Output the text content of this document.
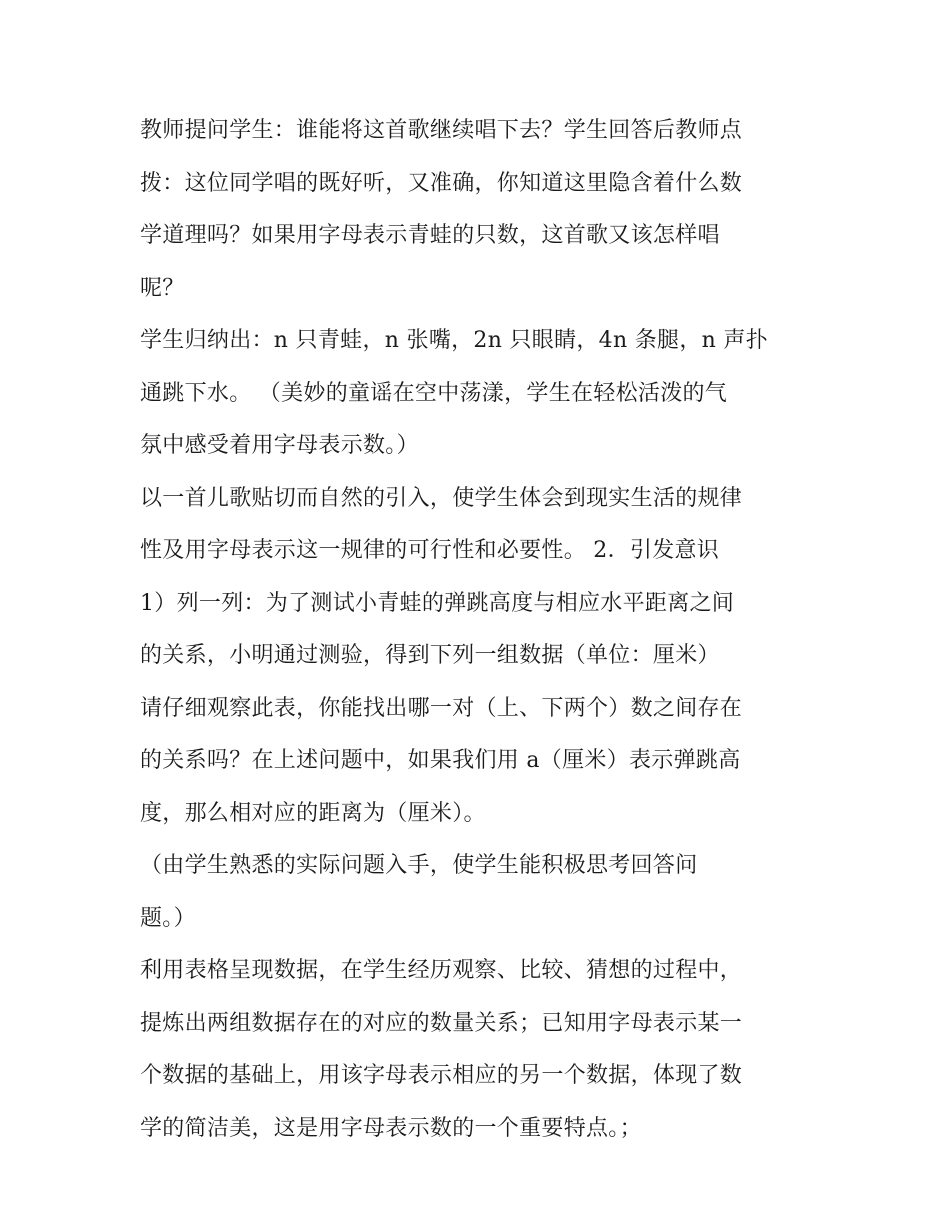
教师提问学生：谁能将这首歌继续唱下去？学生回答后教师点
拨：这位同学唱的既好听，又准确，你知道这里隐含着什么数
学道理吗？如果用字母表示青蛙的只数，这首歌又该怎样唱
呢？
学生归纳出：n 只青蛙，n 张嘴，2n 只眼睛，4n 条腿，n 声扑
通跳下水。 （美妙的童谣在空中荡漾，学生在轻松活泼的气
氛中感受着用字母表示数。）
以一首儿歌贴切而自然的引入，使学生体会到现实生活的规律
性及用字母表示这一规律的可行性和必要性。 2．引发意识
1）列一列：为了测试小青蛙的弹跳高度与相应水平距离之间
的关系，小明通过测验，得到下列一组数据（单位：厘米）
请仔细观察此表，你能找出哪一对（上、下两个）数之间存在
的关系吗？在上述问题中，如果我们用 a（厘米）表示弹跳高
度，那么相对应的距离为（厘米）。
（由学生熟悉的实际问题入手，使学生能积极思考回答问
题。）
利用表格呈现数据，在学生经历观察、比较、猜想的过程中，
提炼出两组数据存在的对应的数量关系；已知用字母表示某一
个数据的基础上，用该字母表示相应的另一个数据，体现了数
学的简洁美，这是用字母表示数的一个重要特点。；
